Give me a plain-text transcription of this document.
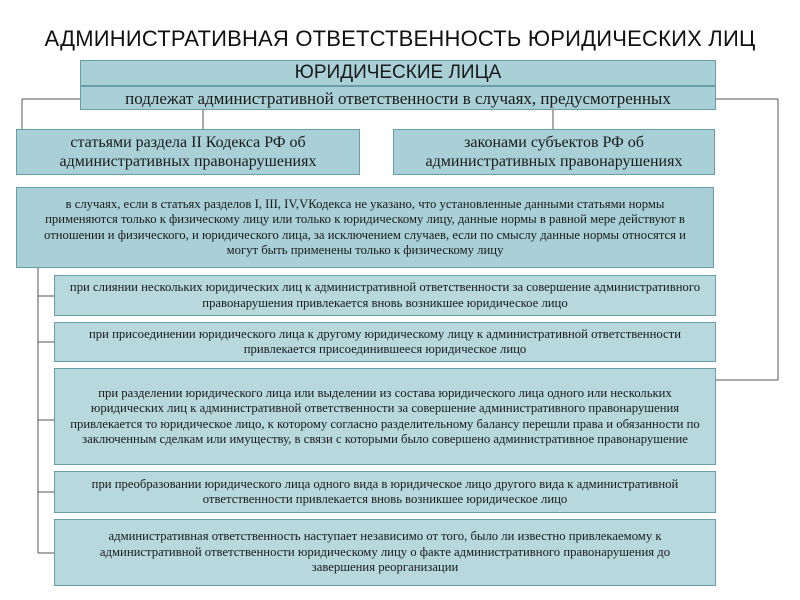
АДМИНИСТРАТИВНАЯ ОТВЕТСТВЕННОСТЬ ЮРИДИЧЕСКИХ ЛИЦ
ЮРИДИЧЕСКИЕ ЛИЦА
подлежат административной ответственности в случаях, предусмотренных
статьями раздела II Кодекса РФ об административных правонарушениях
законами субъектов РФ об административных правонарушениях
в случаях, если в статьях разделов I, III, IV,VКодекса не указано, что установленные данными статьями нормы применяются только к физическому лицу или только к юридическому лицу, данные нормы в равной мере действуют в отношении и физического, и юридического лица, за исключением случаев, если по смыслу данные нормы относятся и могут быть применены только к физическому лицу
при слиянии нескольких юридических лиц к административной ответственности за совершение административного правонарушения привлекается вновь возникшее юридическое лицо
при присоединении юридического лица к другому юридическому лицу к административной ответственности привлекается присоединившееся юридическое лицо
при разделении юридического лица или выделении из состава юридического лица одного или нескольких юридических лиц к административной ответственности за совершение административного правонарушения привлекается то юридическое лицо, к которому согласно разделительному балансу перешли права и обязанности по заключенным сделкам или имуществу, в связи с которыми было совершено административное правонарушение
при преобразовании юридического лица одного вида в юридическое лицо другого вида к административной ответственности привлекается вновь возникшее юридическое лицо
административная ответственность наступает независимо от того, было ли известно привлекаемому к административной ответственности юридическому лицу о факте административного правонарушения до завершения реорганизации
